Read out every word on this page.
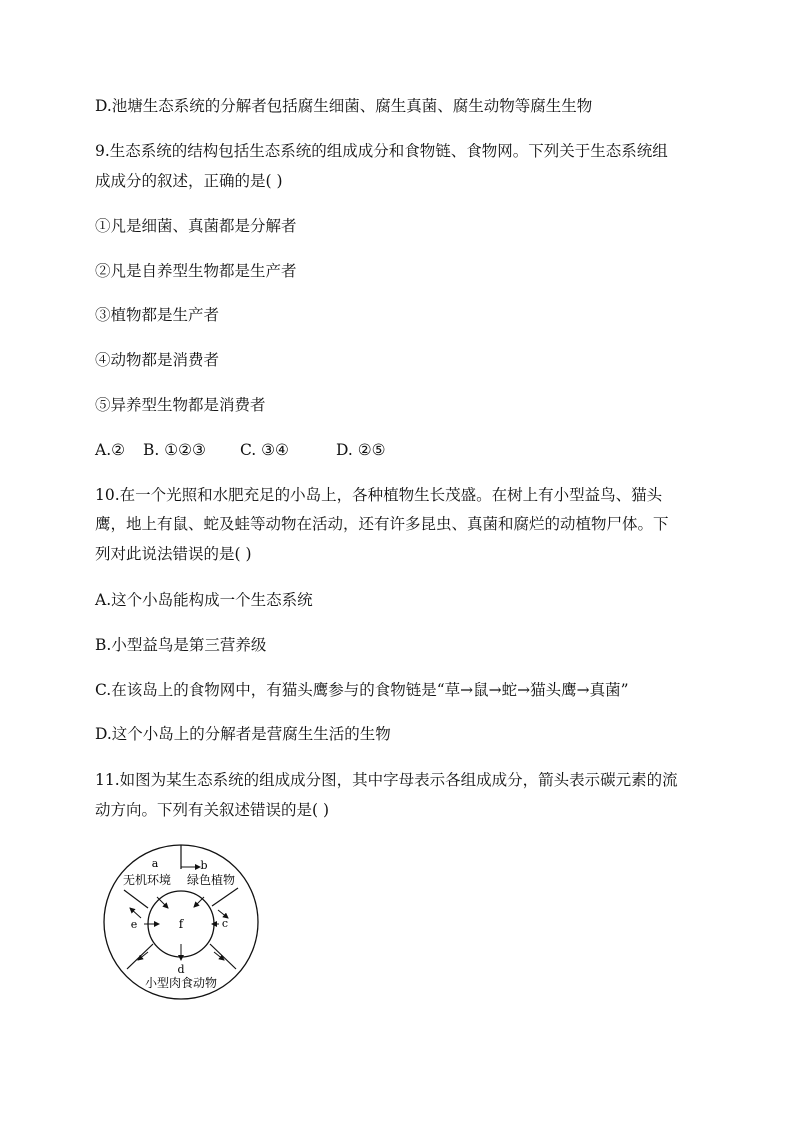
D.池塘生态系统的分解者包括腐生细菌、腐生真菌、腐生动物等腐生生物
9.生态系统的结构包括生态系统的组成成分和食物链、食物网。下列关于生态系统组
成成分的叙述，正确的是( )
①凡是细菌、真菌都是分解者
②凡是自养型生物都是生产者
③植物都是生产者
④动物都是消费者
⑤异养型生物都是消费者
A.② B. ①②③ C. ③④	D. ②⑤
10.在一个光照和水肥充足的小岛上，各种植物生长茂盛。在树上有小型益鸟、猫头
鹰，地上有鼠、蛇及蛙等动物在活动，还有许多昆虫、真菌和腐烂的动植物尸体。下
列对此说法错误的是( )
A.这个小岛能构成一个生态系统
B.小型益鸟是第三营养级
C.在该岛上的食物网中，有猫头鹰参与的食物链是“草→鼠→蛇→猫头鹰→真菌”
D.这个小岛上的分解者是营腐生生活的生物
11.如图为某生态系统的组成成分图，其中字母表示各组成成分，箭头表示碳元素的流
动方向。下列有关叙述错误的是( )
a	b
无机环境 绿色植物
f	c
e
d
小型肉食动物
